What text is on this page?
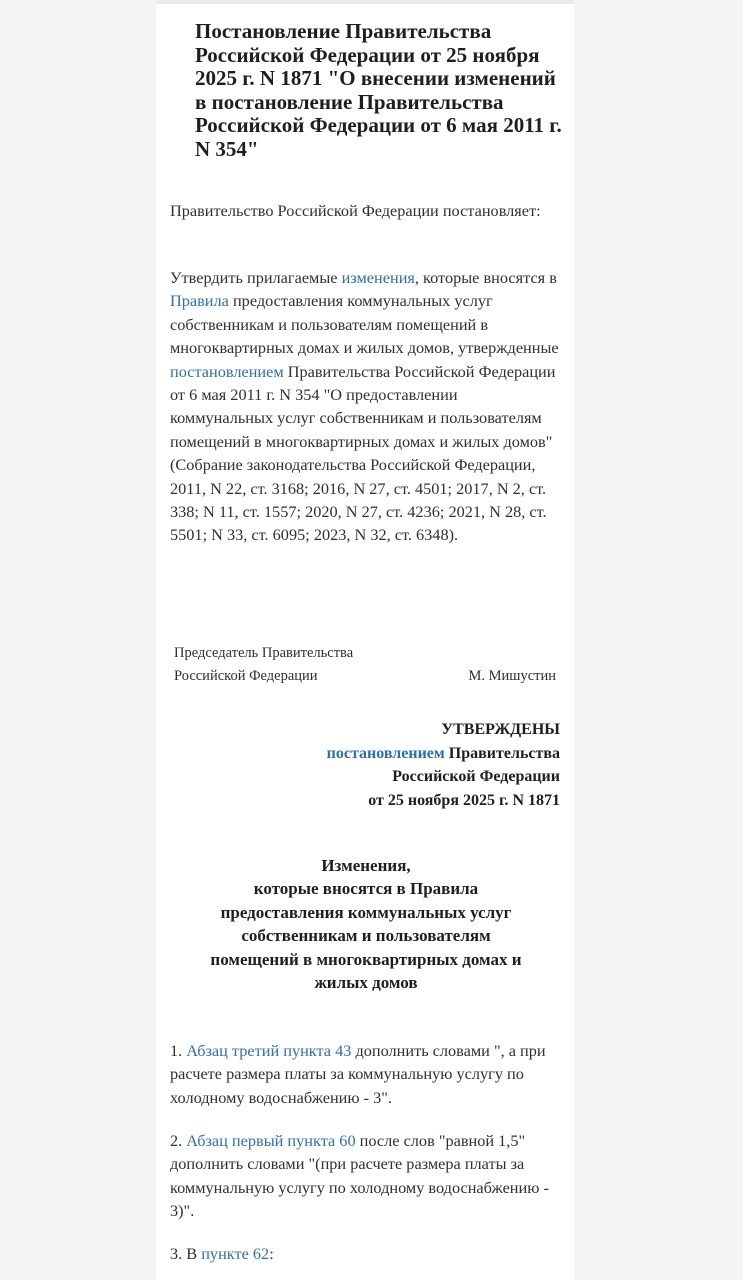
Постановление Правительства Российской Федерации от 25 ноября 2025 г. N 1871 "О внесении изменений в постановление Правительства Российской Федерации от 6 мая 2011 г. N 354"

Правительство Российской Федерации постановляет:

Утвердить прилагаемые изменения, которые вносятся в Правила предоставления коммунальных услуг собственникам и пользователям помещений в многоквартирных домах и жилых домов, утвержденные постановлением Правительства Российской Федерации от 6 мая 2011 г. N 354 "О предоставлении коммунальных услуг собственникам и пользователям помещений в многоквартирных домах и жилых домов" (Собрание законодательства Российской Федерации, 2011, N 22, ст. 3168; 2016, N 27, ст. 4501; 2017, N 2, ст. 338; N 11, ст. 1557; 2020, N 27, ст. 4236; 2021, N 28, ст. 5501; N 33, ст. 6095; 2023, N 32, ст. 6348).

Председатель Правительства
Российской Федерации	М. Мишустин
УТВЕРЖДЕНЫ
постановлением Правительства
Российской Федерации
от 25 ноября 2025 г. N 1871
Изменения,
которые вносятся в Правила
предоставления коммунальных услуг
собственникам и пользователям
помещений в многоквартирных домах и
жилых домов

1. Абзац третий пункта 43 дополнить словами ", а при расчете размера платы за коммунальную услугу по холодному водоснабжению - 3".

2. Абзац первый пункта 60 после слов "равной 1,5" дополнить словами "(при расчете размера платы за коммунальную услугу по холодному водоснабжению - 3)".

3. В пункте 62:
